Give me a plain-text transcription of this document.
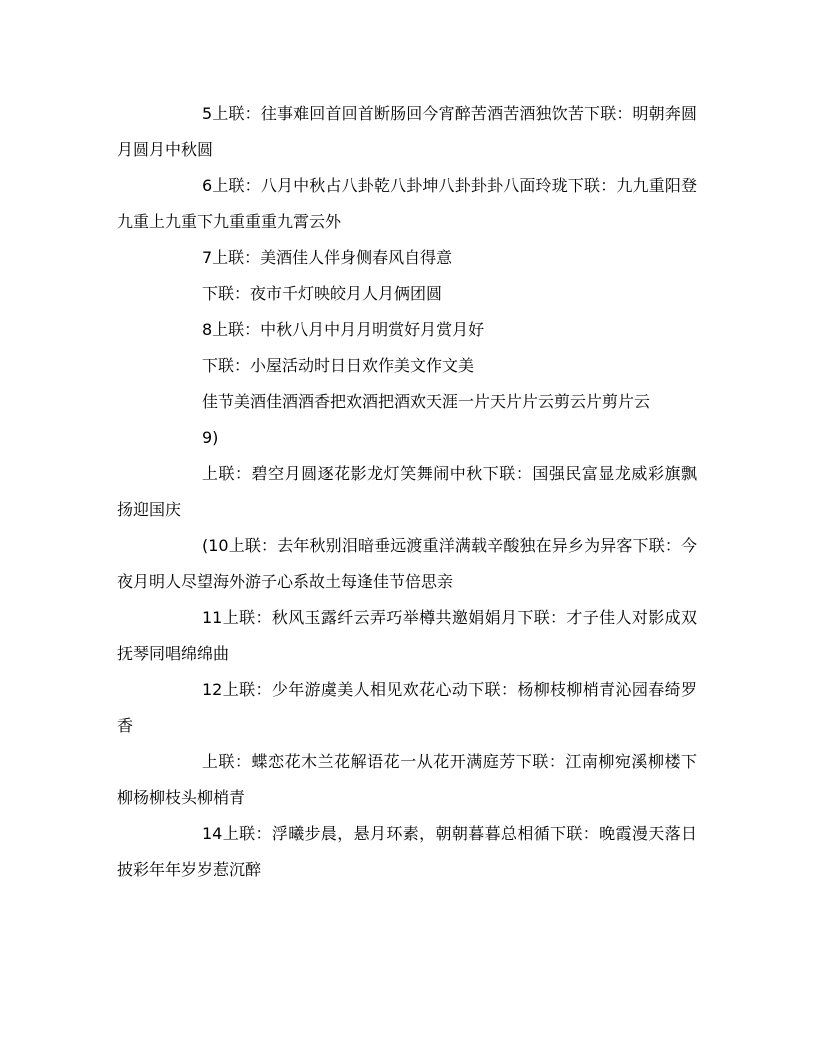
5上联：往事难回首回首断肠回今宵醉苦酒苦酒独饮苦下联：明朝奔圆月圆月中秋圆

6上联：八月中秋占八卦乾八卦坤八卦卦卦八面玲珑下联：九九重阳登九重上九重下九重重重九霄云外

7上联：美酒佳人伴身侧春风自得意

下联：夜市千灯映皎月人月俩团圆

8上联：中秋八月中月月明赏好月赏月好

下联：小屋活动时日日欢作美文作文美

佳节美酒佳酒酒香把欢酒把酒欢天涯一片天片片云剪云片剪片云

9)

上联：碧空月圆逐花影龙灯笑舞闹中秋下联：国强民富显龙威彩旗飘扬迎国庆

(10上联：去年秋别泪暗垂远渡重洋满载辛酸独在异乡为异客下联：今夜月明人尽望海外游子心系故土每逢佳节倍思亲

11上联：秋风玉露纤云弄巧举樽共邀娟娟月下联：才子佳人对影成双抚琴同唱绵绵曲

12上联：少年游虞美人相见欢花心动下联：杨柳枝柳梢青沁园春绮罗香

上联：蝶恋花木兰花解语花一从花开满庭芳下联：江南柳宛溪柳楼下柳杨柳枝头柳梢青

14上联：浮曦步晨，悬月环素，朝朝暮暮总相循下联：晚霞漫天落日披彩年年岁岁惹沉醉
